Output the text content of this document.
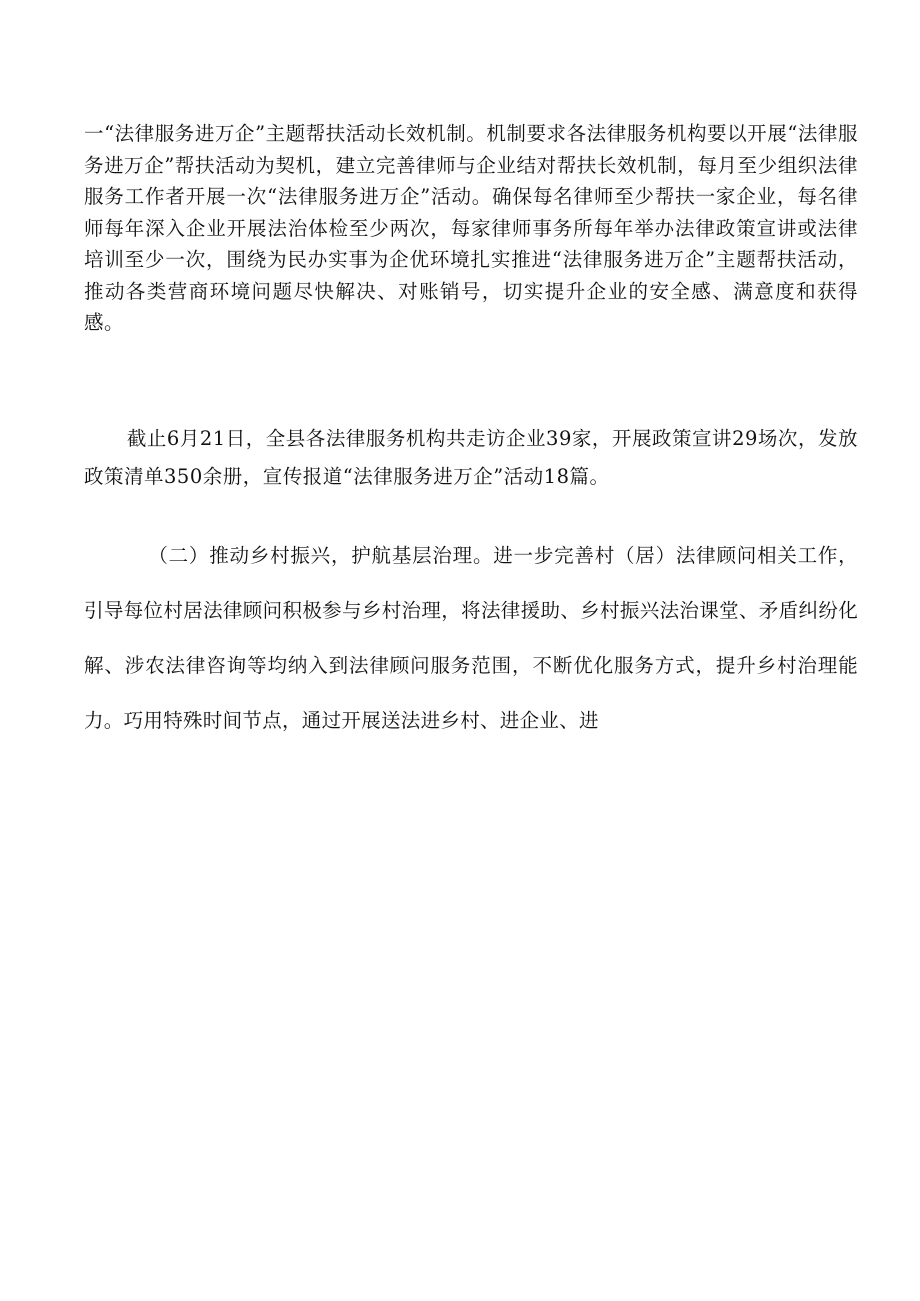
一“法律服务进万企”主题帮扶活动长效机制。机制要求各法律服务机构要以开展“法律服务进万企”帮扶活动为契机，建立完善律师与企业结对帮扶长效机制，每月至少组织法律服务工作者开展一次“法律服务进万企”活动。确保每名律师至少帮扶一家企业，每名律师每年深入企业开展法治体检至少两次，每家律师事务所每年举办法律政策宣讲或法律培训至少一次，围绕为民办实事为企优环境扎实推进“法律服务进万企”主题帮扶活动，推动各类营商环境问题尽快解决、对账销号，切实提升企业的安全感、满意度和获得感。

截止6月21日，全县各法律服务机构共走访企业39家，开展政策宣讲29场次，发放政策清单350余册，宣传报道“法律服务进万企”活动18篇。

（二）推动乡村振兴，护航基层治理。进一步完善村（居）法律顾问相关工作，引导每位村居法律顾问积极参与乡村治理，将法律援助、乡村振兴法治课堂、矛盾纠纷化解、涉农法律咨询等均纳入到法律顾问服务范围，不断优化服务方式，提升乡村治理能力。巧用特殊时间节点，通过开展送法进乡村、进企业、进
